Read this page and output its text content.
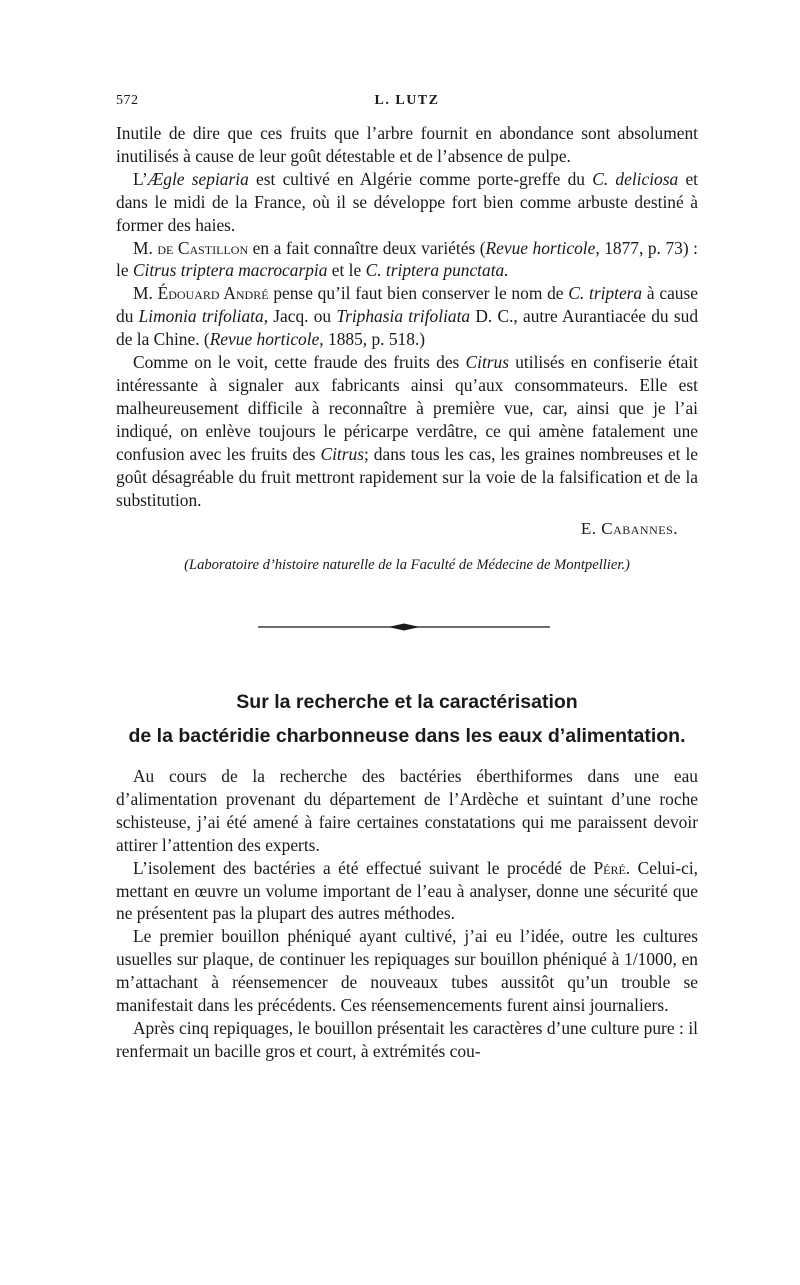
572	L. LUTZ

Inutile de dire que ces fruits que l’arbre fournit en abondance sont absolument inutilisés à cause de leur goût détestable et de l’absence de pulpe.

L’Ægle sepiaria est cultivé en Algérie comme porte-greffe du C. deliciosa et dans le midi de la France, où il se développe fort bien comme arbuste destiné à former des haies.

M. de Castillon en a fait connaître deux variétés (Revue horticole, 1877, p. 73) : le Citrus triptera macrocarpia et le C. triptera punctata.

M. Édouard André pense qu’il faut bien conserver le nom de C. triptera à cause du Limonia trifoliata, Jacq. ou Triphasia trifoliata D. C., autre Aurantiacée du sud de la Chine. (Revue horticole, 1885, p. 518.)

Comme on le voit, cette fraude des fruits des Citrus utilisés en confiserie était intéressante à signaler aux fabricants ainsi qu’aux consommateurs. Elle est malheureusement difficile à reconnaître à première vue, car, ainsi que je l’ai indiqué, on enlève toujours le péricarpe verdâtre, ce qui amène fatalement une confusion avec les fruits des Citrus; dans tous les cas, les graines nombreuses et le goût désagréable du fruit mettront rapidement sur la voie de la falsification et de la substitution.

E. Cabannes.
(Laboratoire d’histoire naturelle de la Faculté de Médecine de Montpellier.)
Sur la recherche et la caractérisation
de la bactéridie charbonneuse dans les eaux d’alimentation.

Au cours de la recherche des bactéries éberthiformes dans une eau d’alimentation provenant du département de l’Ardèche et suintant d’une roche schisteuse, j’ai été amené à faire certaines constatations qui me paraissent devoir attirer l’attention des experts.

L’isolement des bactéries a été effectué suivant le procédé de Péré. Celui-ci, mettant en œuvre un volume important de l’eau à analyser, donne une sécurité que ne présentent pas la plupart des autres méthodes.

Le premier bouillon phéniqué ayant cultivé, j’ai eu l’idée, outre les cultures usuelles sur plaque, de continuer les repiquages sur bouillon phéniqué à 1/1000, en m’attachant à réensemencer de nouveaux tubes aussitôt qu’un trouble se manifestait dans les précédents. Ces réensemencements furent ainsi journaliers.

Après cinq repiquages, le bouillon présentait les caractères d’une culture pure : il renfermait un bacille gros et court, à extrémités cou-
